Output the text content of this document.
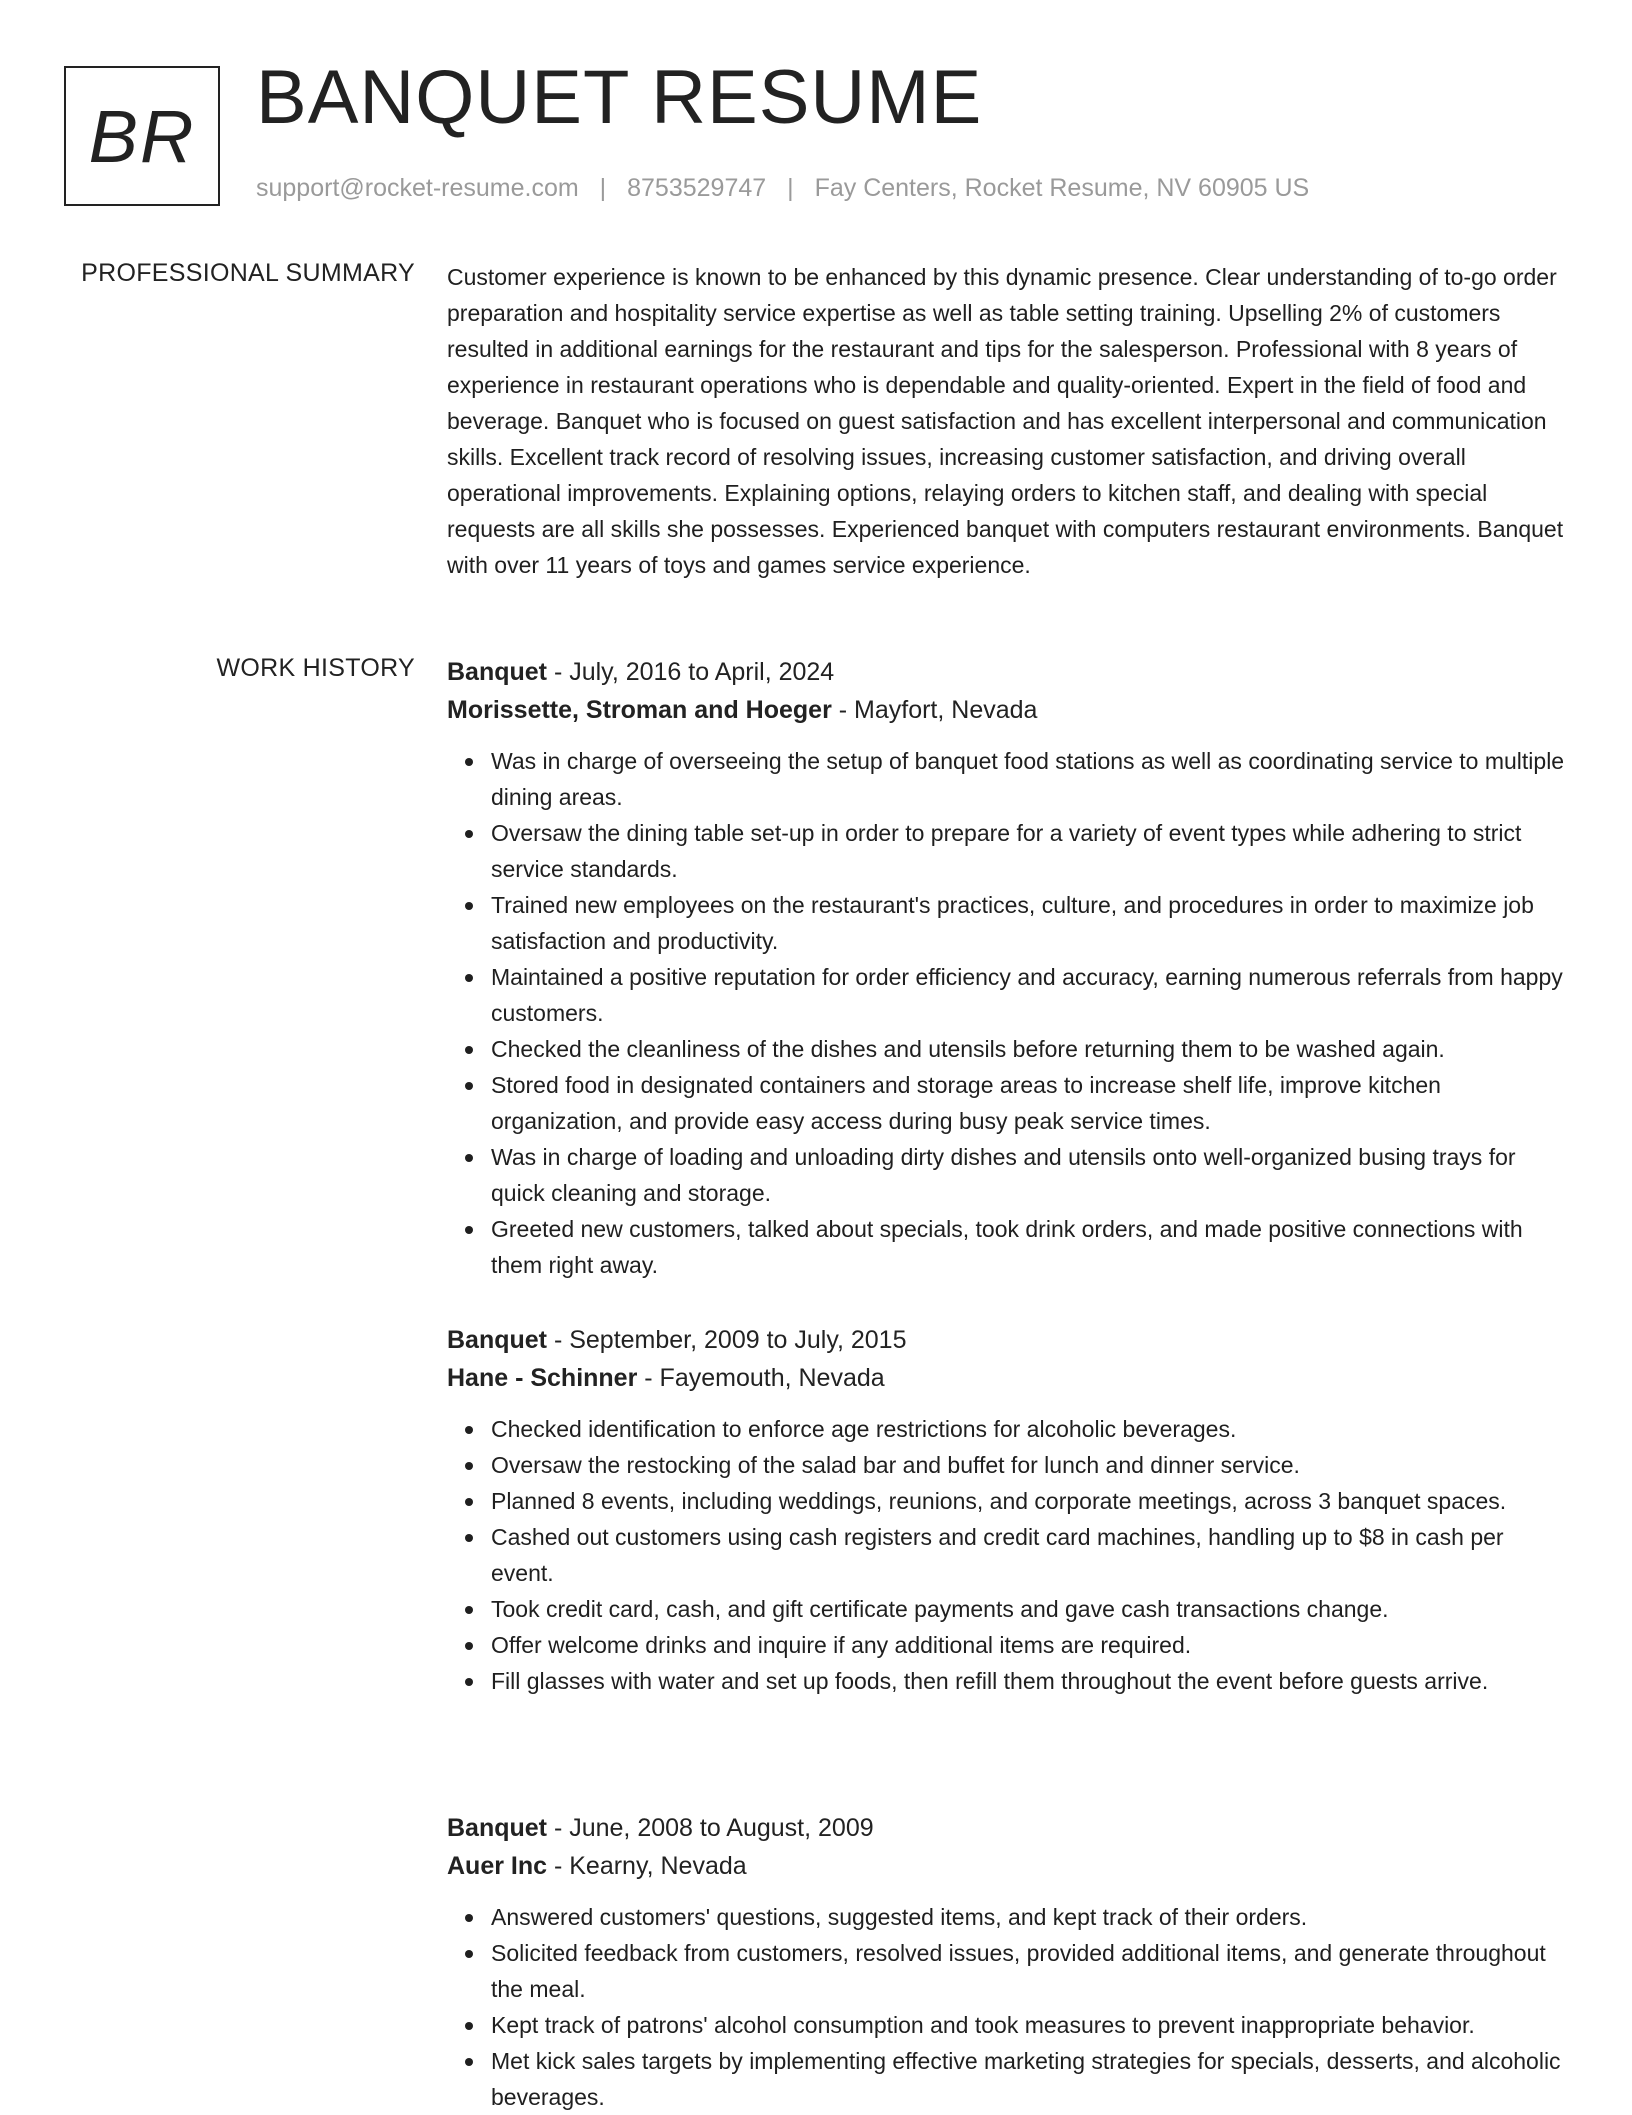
BR BANQUET RESUME
support@rocket-resume.com | 8753529747 | Fay Centers, Rocket Resume, NV 60905 US
PROFESSIONAL SUMMARY Customer experience is known to be enhanced by this dynamic presence. Clear understanding of to-go order preparation and hospitality service expertise as well as table setting training. Upselling 2% of customers resulted in additional earnings for the restaurant and tips for the salesperson. Professional with 8 years of experience in restaurant operations who is dependable and quality-oriented. Expert in the field of food and beverage. Banquet who is focused on guest satisfaction and has excellent interpersonal and communication skills. Excellent track record of resolving issues, increasing customer satisfaction, and driving overall operational improvements. Explaining options, relaying orders to kitchen staff, and dealing with special requests are all skills she possesses. Experienced banquet with computers restaurant environments. Banquet with over 11 years of toys and games service experience.

WORK HISTORY Banquet - July, 2016 to April, 2024
Morissette, Stroman and Hoeger - Mayfort, Nevada
Was in charge of overseeing the setup of banquet food stations as well as coordinating service to multiple dining areas.
Oversaw the dining table set-up in order to prepare for a variety of event types while adhering to strict service standards.
Trained new employees on the restaurant's practices, culture, and procedures in order to maximize job satisfaction and productivity.
Maintained a positive reputation for order efficiency and accuracy, earning numerous referrals from happy customers.
Checked the cleanliness of the dishes and utensils before returning them to be washed again.
Stored food in designated containers and storage areas to increase shelf life, improve kitchen organization, and provide easy access during busy peak service times.
Was in charge of loading and unloading dirty dishes and utensils onto well-organized busing trays for quick cleaning and storage.
Greeted new customers, talked about specials, took drink orders, and made positive connections with them right away.
Banquet - September, 2009 to July, 2015
Hane - Schinner - Fayemouth, Nevada
Checked identification to enforce age restrictions for alcoholic beverages.
Oversaw the restocking of the salad bar and buffet for lunch and dinner service.
Planned 8 events, including weddings, reunions, and corporate meetings, across 3 banquet spaces.
Cashed out customers using cash registers and credit card machines, handling up to $8 in cash per event.
Took credit card, cash, and gift certificate payments and gave cash transactions change.
Offer welcome drinks and inquire if any additional items are required.
Fill glasses with water and set up foods, then refill them throughout the event before guests arrive.
Banquet - June, 2008 to August, 2009
Auer Inc - Kearny, Nevada
Answered customers' questions, suggested items, and kept track of their orders.
Solicited feedback from customers, resolved issues, provided additional items, and generate throughout the meal.
Kept track of patrons' alcohol consumption and took measures to prevent inappropriate behavior.
Met kick sales targets by implementing effective marketing strategies for specials, desserts, and alcoholic beverages.
